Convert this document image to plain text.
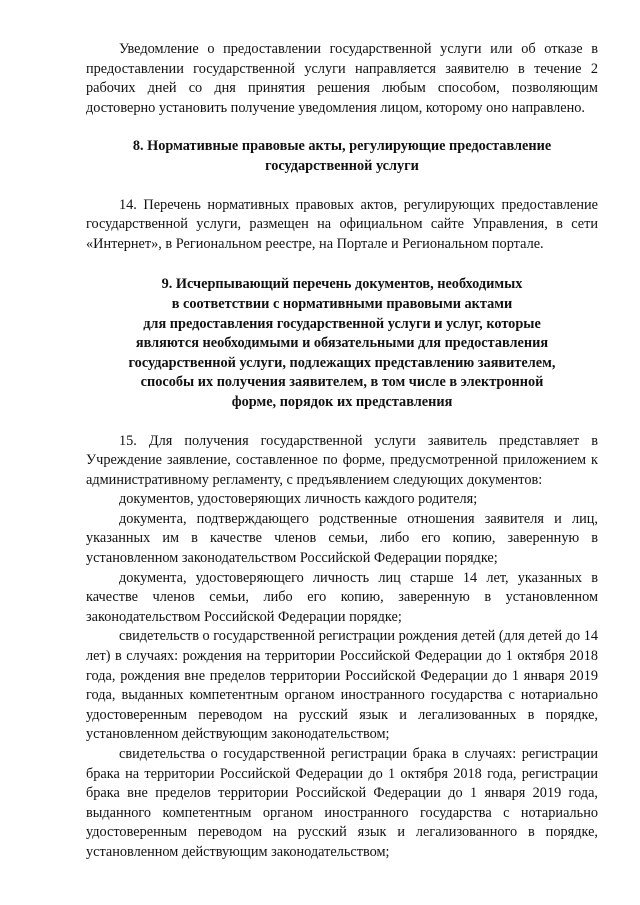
Уведомление о предоставлении государственной услуги или об отказе в предоставлении государственной услуги направляется заявителю в течение 2 рабочих дней со дня принятия решения любым способом, позволяющим достоверно установить получение уведомления лицом, которому оно направлено.

8. Нормативные правовые акты, регулирующие предоставление
государственной услуги

14. Перечень нормативных правовых актов, регулирующих предоставление государственной услуги, размещен на официальном сайте Управления, в сети «Интернет», в Региональном реестре, на Портале и Региональном портале.

9. Исчерпывающий перечень документов, необходимых
в соответствии с нормативными правовыми актами
для предоставления государственной услуги и услуг, которые
являются необходимыми и обязательными для предоставления
государственной услуги, подлежащих представлению заявителем,
способы их получения заявителем, в том числе в электронной
форме, порядок их представления

15. Для получения государственной услуги заявитель представляет в Учреждение заявление, составленное по форме, предусмотренной приложением к административному регламенту, с предъявлением следующих документов:

документов, удостоверяющих личность каждого родителя;

документа, подтверждающего родственные отношения заявителя и лиц, указанных им в качестве членов семьи, либо его копию, заверенную в установленном законодательством Российской Федерации порядке;

документа, удостоверяющего личность лиц старше 14 лет, указанных в качестве членов семьи, либо его копию, заверенную в установленном законодательством Российской Федерации порядке;

свидетельств о государственной регистрации рождения детей (для детей до 14 лет) в случаях: рождения на территории Российской Федерации до 1 октября 2018 года, рождения вне пределов территории Российской Федерации до 1 января 2019 года, выданных компетентным органом иностранного государства с нотариально удостоверенным переводом на русский язык и легализованных в порядке, установленном действующим законодательством;

свидетельства о государственной регистрации брака в случаях: регистрации брака на территории Российской Федерации до 1 октября 2018 года, регистрации брака вне пределов территории Российской Федерации до 1 января 2019 года, выданного компетентным органом иностранного государства с нотариально удостоверенным переводом на русский язык и легализованного в порядке, установленном действующим законодательством;
